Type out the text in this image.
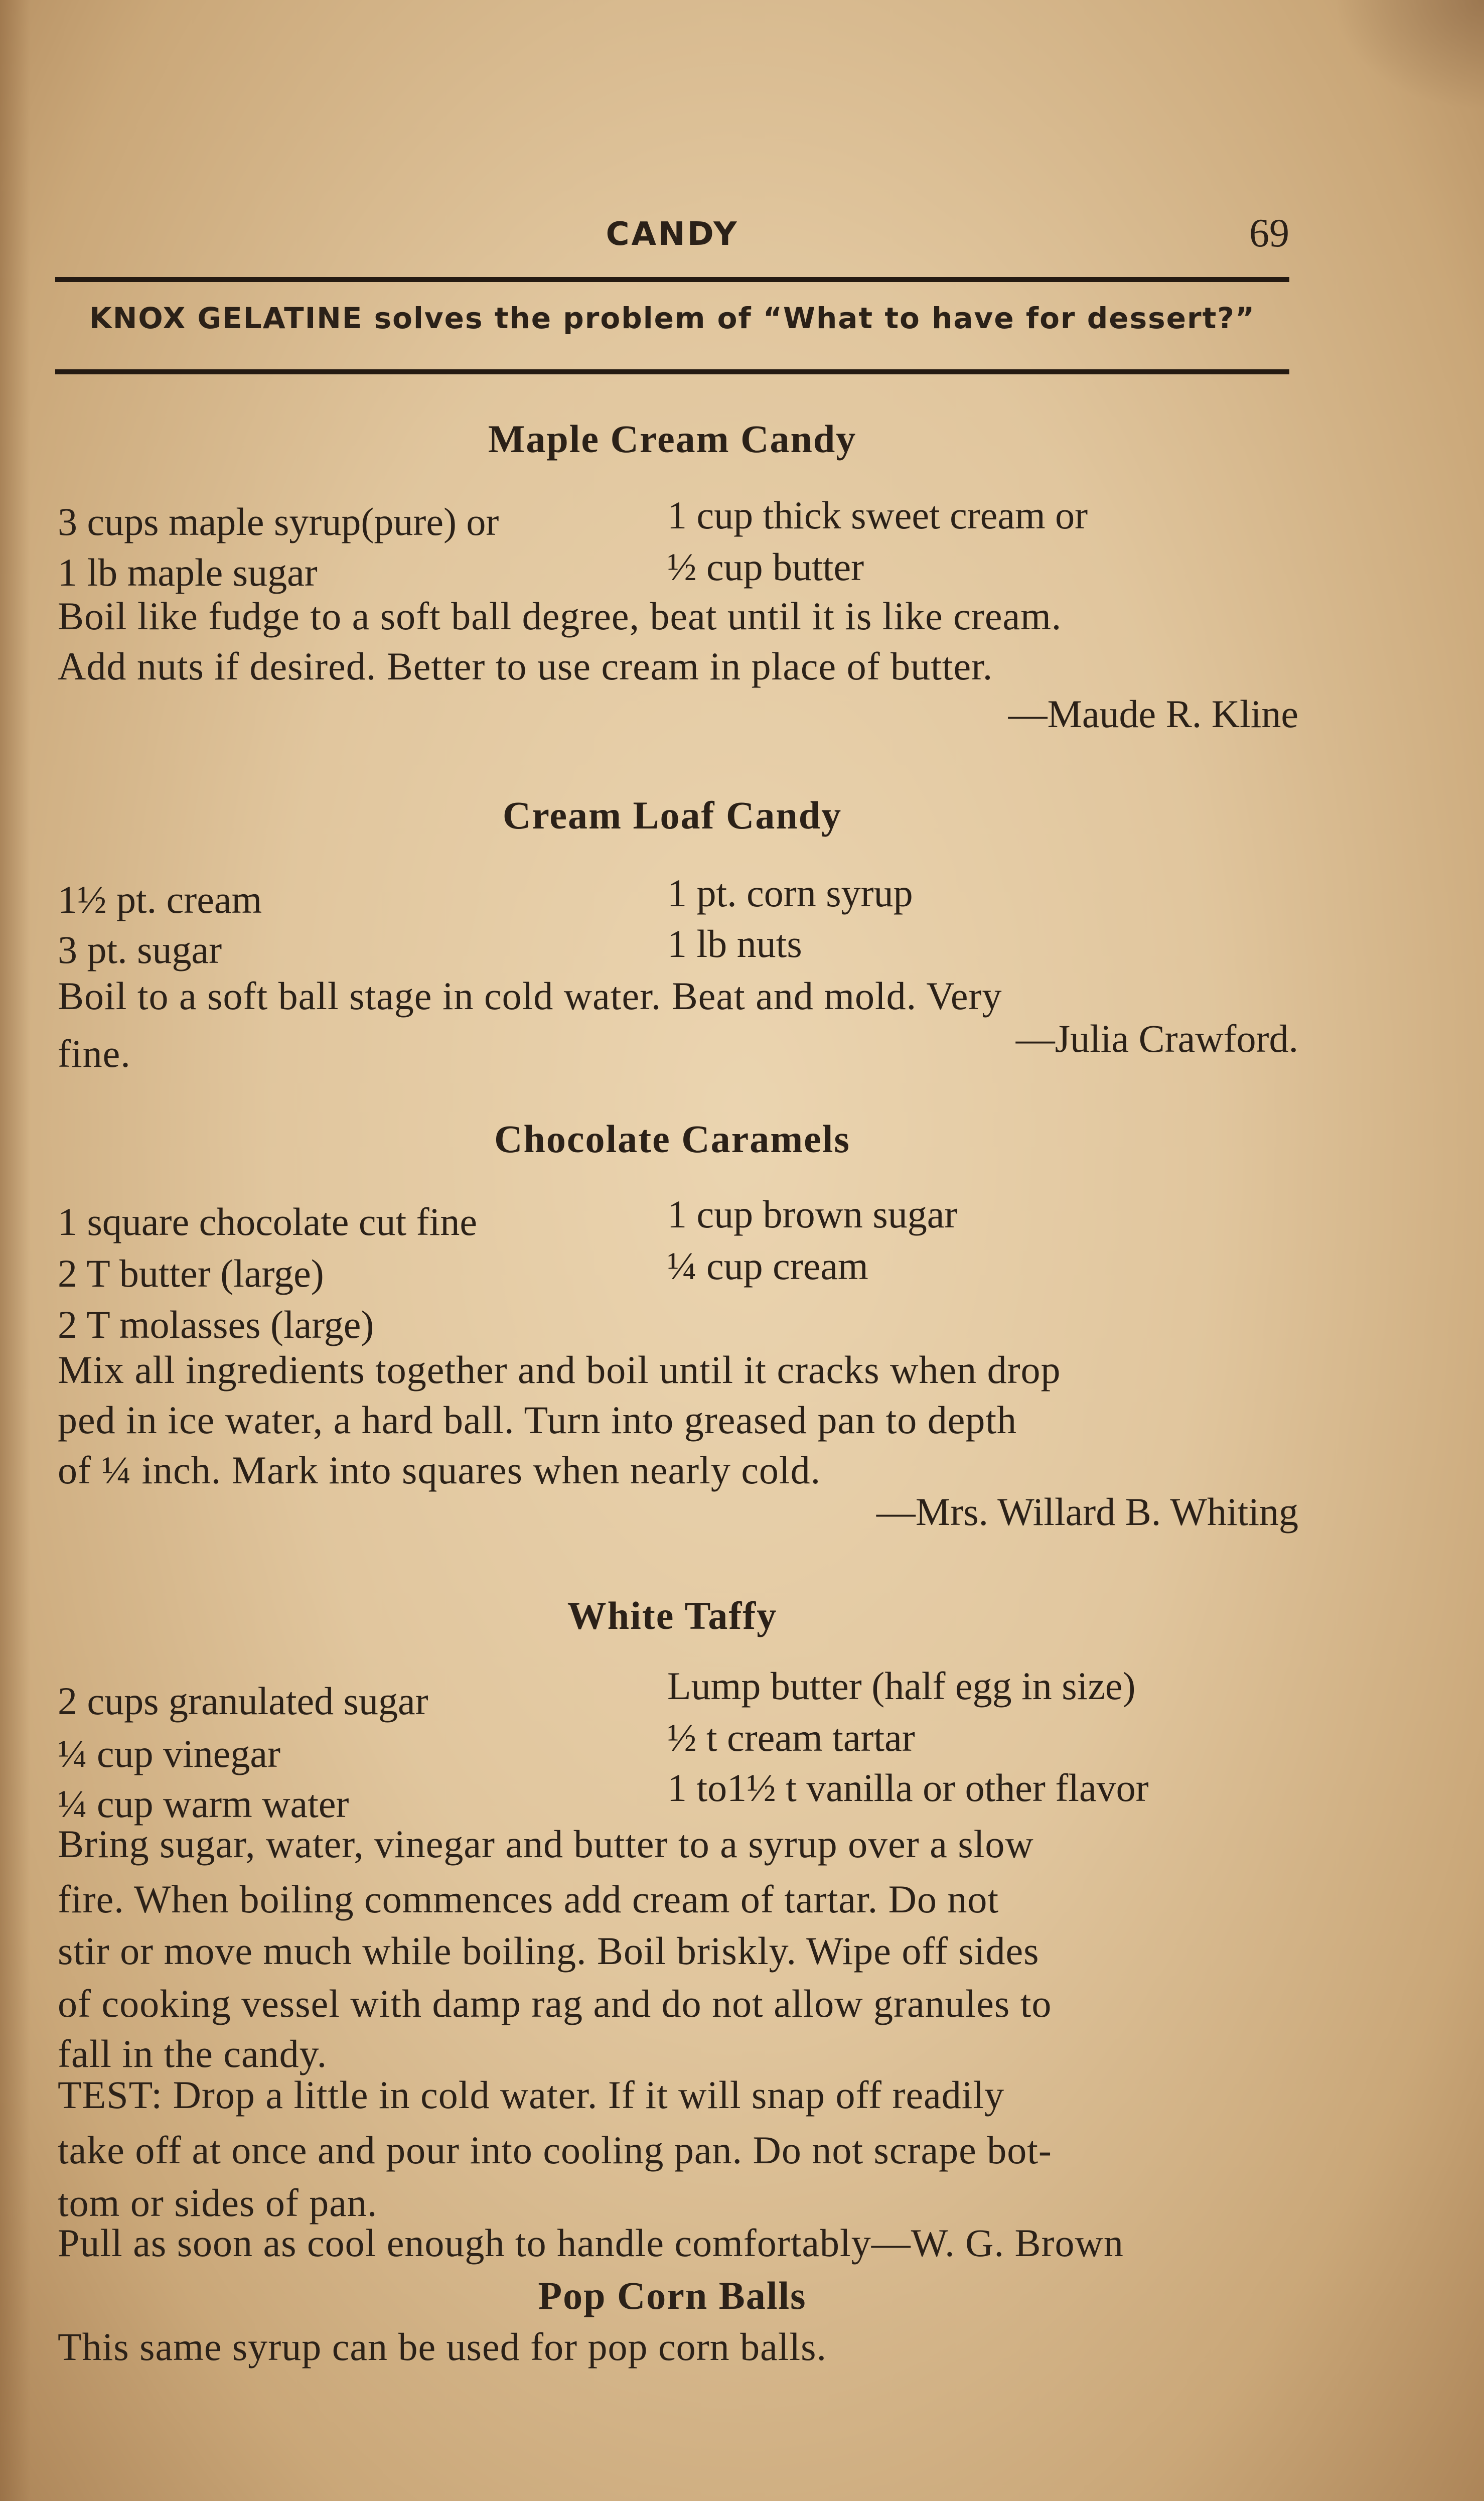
CANDY	69
KNOX GELATINE solves the problem of “What to have for dessert?”
Maple Cream Candy
3 cups maple syrup(pure) or	1 cup thick sweet cream or
1 lb maple sugar	½ cup butter
Boil like fudge to a soft ball degree, beat until it is like cream.
Add nuts if desired. Better to use cream in place of butter.
—Maude R. Kline
Cream Loaf Candy
1½ pt. cream	1 pt. corn syrup
3 pt. sugar	1 lb nuts
Boil to a soft ball stage in cold water. Beat and mold. Very
fine.	—Julia Crawford.
Chocolate Caramels
1 square chocolate cut fine	1 cup brown sugar
2 T butter (large)	¼ cup cream
2 T molasses (large)
Mix all ingredients together and boil until it cracks when drop
ped in ice water, a hard ball. Turn into greased pan to depth
of ¼ inch. Mark into squares when nearly cold.
—Mrs. Willard B. Whiting
White Taffy
2 cups granulated sugar	Lump butter (half egg in size)
¼ cup vinegar	½ t cream tartar
¼ cup warm water	1 to1½ t vanilla or other flavor
Bring sugar, water, vinegar and butter to a syrup over a slow
fire. When boiling commences add cream of tartar. Do not
stir or move much while boiling. Boil briskly. Wipe off sides
of cooking vessel with damp rag and do not allow granules to
fall in the candy.
TEST: Drop a little in cold water. If it will snap off readily
take off at once and pour into cooling pan. Do not scrape bot-
tom or sides of pan.
Pull as soon as cool enough to handle comfortably—W. G. Brown
Pop Corn Balls
This same syrup can be used for pop corn balls.
